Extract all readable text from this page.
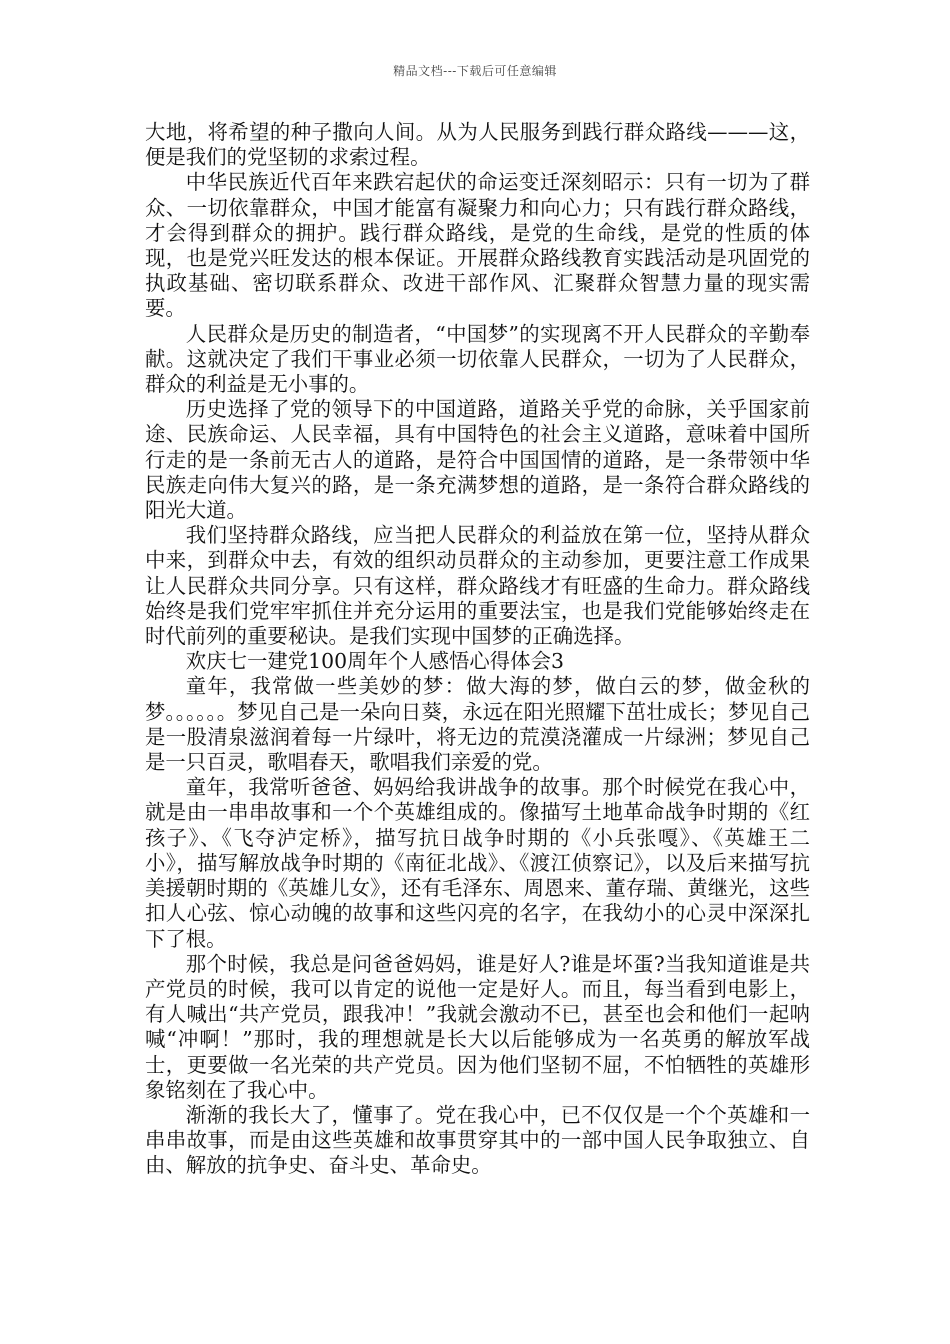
精品文档---下载后可任意编辑

大地，将希望的种子撒向人间。从为人民服务到践行群众路线———这，便是我们的党坚韧的求索过程。

中华民族近代百年来跌宕起伏的命运变迁深刻昭示：只有一切为了群众、一切依靠群众，中国才能富有凝聚力和向心力；只有践行群众路线，才会得到群众的拥护。践行群众路线，是党的生命线，是党的性质的体现，也是党兴旺发达的根本保证。开展群众路线教育实践活动是巩固党的执政基础、密切联系群众、改进干部作风、汇聚群众智慧力量的现实需要。

人民群众是历史的制造者，“中国梦”的实现离不开人民群众的辛勤奉献。这就决定了我们干事业必须一切依靠人民群众，一切为了人民群众，群众的利益是无小事的。

历史选择了党的领导下的中国道路，道路关乎党的命脉，关乎国家前途、民族命运、人民幸福，具有中国特色的社会主义道路，意味着中国所行走的是一条前无古人的道路，是符合中国国情的道路，是一条带领中华民族走向伟大复兴的路，是一条充满梦想的道路，是一条符合群众路线的阳光大道。

我们坚持群众路线，应当把人民群众的利益放在第一位，坚持从群众中来，到群众中去，有效的组织动员群众的主动参加，更要注意工作成果让人民群众共同分享。只有这样，群众路线才有旺盛的生命力。群众路线始终是我们党牢牢抓住并充分运用的重要法宝，也是我们党能够始终走在时代前列的重要秘诀。是我们实现中国梦的正确选择。

欢庆七一建党100周年个人感悟心得体会3

童年，我常做一些美妙的梦：做大海的梦，做白云的梦，做金秋的梦。。。。。。梦见自己是一朵向日葵，永远在阳光照耀下茁壮成长；梦见自己是一股清泉滋润着每一片绿叶，将无边的荒漠浇灌成一片绿洲；梦见自己是一只百灵，歌唱春天，歌唱我们亲爱的党。

童年，我常听爸爸、妈妈给我讲战争的故事。那个时候党在我心中，就是由一串串故事和一个个英雄组成的。像描写土地革命战争时期的《红孩子》、《飞夺泸定桥》，描写抗日战争时期的《小兵张嘎》、《英雄王二小》，描写解放战争时期的《南征北战》、《渡江侦察记》，以及后来描写抗美援朝时期的《英雄儿女》，还有毛泽东、周恩来、董存瑞、黄继光，这些扣人心弦、惊心动魄的故事和这些闪亮的名字，在我幼小的心灵中深深扎下了根。

那个时候，我总是问爸爸妈妈，谁是好人?谁是坏蛋?当我知道谁是共产党员的时候，我可以肯定的说他一定是好人。而且，每当看到电影上，有人喊出“共产党员，跟我冲！”我就会激动不已，甚至也会和他们一起呐喊“冲啊！”那时，我的理想就是长大以后能够成为一名英勇的解放军战士，更要做一名光荣的共产党员。因为他们坚韧不屈，不怕牺牲的英雄形象铭刻在了我心中。

渐渐的我长大了，懂事了。党在我心中，已不仅仅是一个个英雄和一串串故事，而是由这些英雄和故事贯穿其中的一部中国人民争取独立、自由、解放的抗争史、奋斗史、革命史。
